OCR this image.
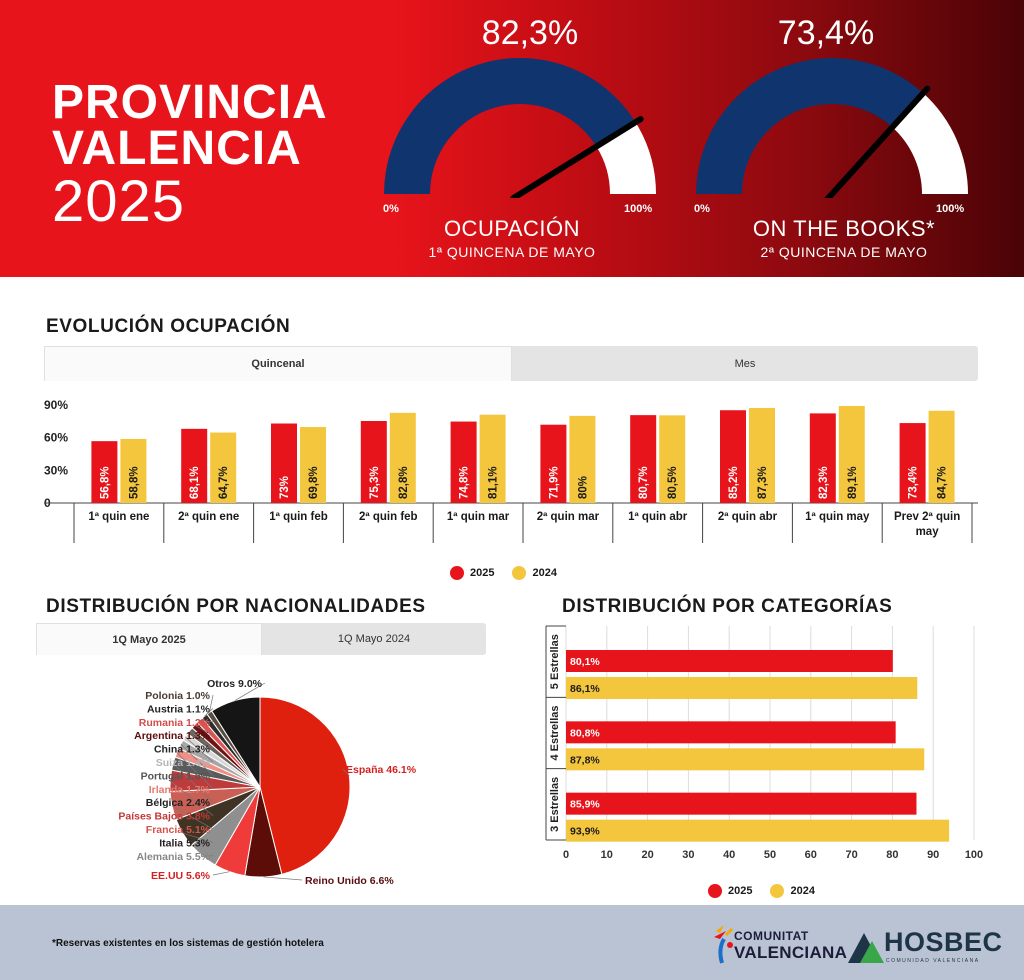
PROVINCIA
VALENCIA
2025
82,3%
0%	100%
OCUPACIÓN
1ª QUINCENA DE MAYO
73,4%
0%	100%
ON THE BOOKS*
2ª QUINCENA DE MAYO
EVOLUCIÓN OCUPACIÓN
Quincenal	Mes
0
30%
60%
90%
56,8% 58,8%
1ª quin ene
68,1% 64,7%
2ª quin ene
73% 69,8%
1ª quin feb
75,3% 82,8%
2ª quin feb
74,8% 81,1%
1ª quin mar
71,9% 80%
2ª quin mar
80,7% 80,5%
1ª quin abr
85,2% 87,3%
2ª quin abr
82,3% 89,1%
1ª quin may
73,4% 84,7%
Prev 2ª quin
may
2025	2024
DISTRIBUCIÓN POR NACIONALIDADES
1Q Mayo 2025	1Q Mayo 2024
España 46.1%
Reino Unido 6.6%
EE.UU 5.6%
Alemania 5.5%
Italia 5.3%
Francia 5.1%
Países Bajos 3.8%
Bélgica 2.4%
Irlanda 1.7%
Portugal 1.6%
Suiza 1.4%
China 1.3%
Argentina 1.3%
Rumania 1.2%
Austria 1.1%
Polonia 1.0%
Otros 9.0%
DISTRIBUCIÓN POR CATEGORÍAS
0	10	20	30	40	50	60	70	80	90 100
5 Estrellas 80,1%
86,1%
4 Estrellas 80,8%
87,8%
3 Estrellas 85,9%
93,9%
2025	2024
*Reservas existentes en los sistemas de gestión hotelera
COMUNITAT
VALENCIANA HOSBEC
COMUNIDAD VALENCIANA
